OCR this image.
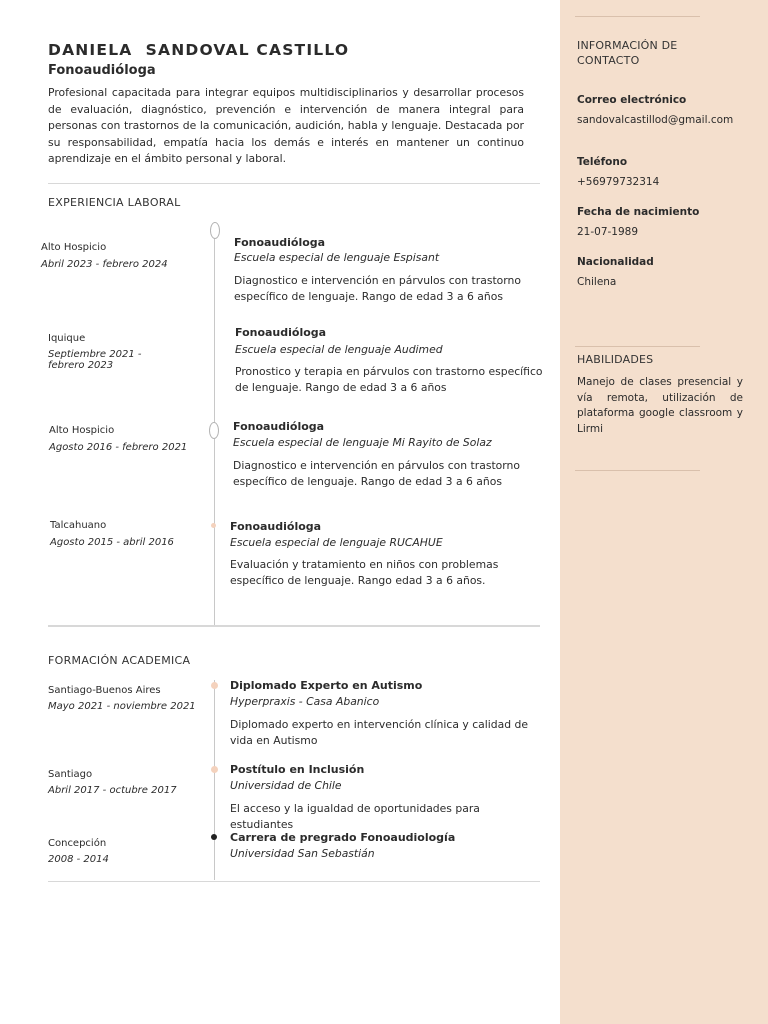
DANIELA  SANDOVAL CASTILLO
Fonoaudióloga
Profesional capacitada para integrar equipos multidisciplinarios y desarrollar procesos de evaluación, diagnóstico, prevención e intervención de manera integral para personas con trastornos de la comunicación, audición, habla y lenguaje. Destacada por su responsabilidad, empatía hacia los demás e interés en mantener un continuo aprendizaje en el ámbito personal y laboral.
EXPERIENCIA LABORAL
Alto Hospicio
Abril 2023 - febrero 2024
Fonoaudióloga
Escuela especial de lenguaje Espisant
Diagnostico e intervención en párvulos con trastorno específico de lenguaje. Rango de edad 3 a 6 años
Iquique
Septiembre 2021 - febrero 2023
Fonoaudióloga
Escuela especial de lenguaje Audimed
Pronostico y terapia en párvulos con trastorno específico de lenguaje. Rango de edad 3 a 6 años
Alto Hospicio
Agosto 2016 - febrero 2021
Fonoaudióloga
Escuela especial de lenguaje Mi Rayito de Solaz
Diagnostico e intervención en párvulos con trastorno específico de lenguaje. Rango de edad 3 a 6 años
Talcahuano
Agosto 2015 - abril 2016
Fonoaudióloga
Escuela especial de lenguaje RUCAHUE
Evaluación y tratamiento en niños con problemas específico de lenguaje. Rango edad 3 a 6 años.
FORMACIÓN ACADEMICA
Santiago-Buenos Aires
Mayo 2021 - noviembre 2021
Diplomado Experto en Autismo
Hyperpraxis - Casa Abanico
Diplomado experto en intervención clínica y calidad de vida en Autismo
Santiago
Abril 2017 - octubre 2017
Postítulo en Inclusión
Universidad de Chile
El acceso y la igualdad de oportunidades para estudiantes
Concepción
2008 - 2014
Carrera de pregrado Fonoaudiología
Universidad San Sebastián
INFORMACIÓN DE CONTACTO
Correo electrónico
sandovalcastillod@gmail.com
Teléfono
+56979732314
Fecha de nacimiento
21-07-1989
Nacionalidad
Chilena
HABILIDADES
Manejo de clases presencial y vía remota, utilización de plataforma google classroom y Lirmi
